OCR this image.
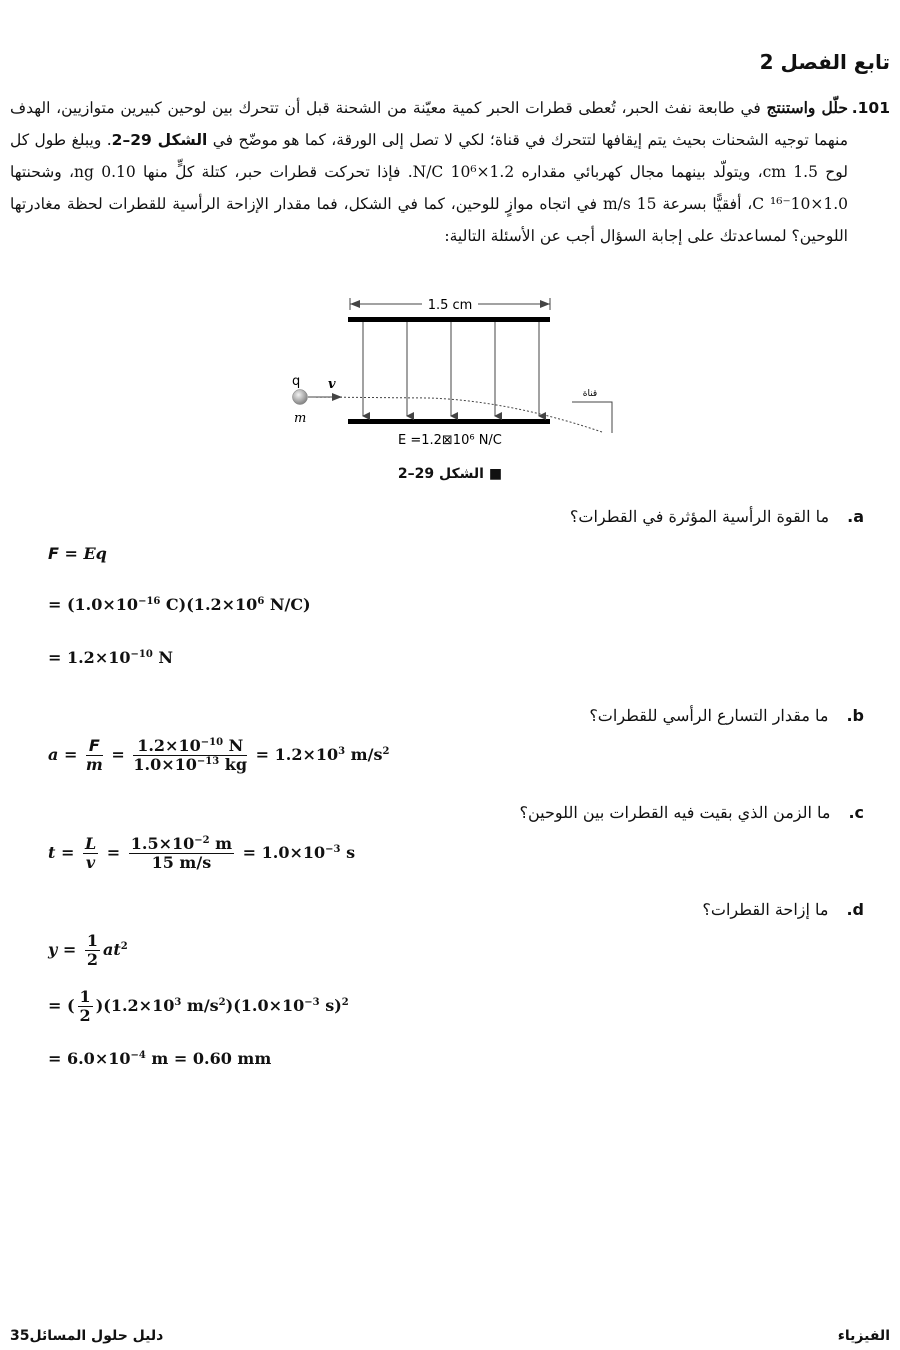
تابع الفصل 2
101.
حلّل واستنتج في طابعة نفث الحبر، تُعطى قطرات الحبر كمية معيّنة من الشحنة قبل أن تتحرك بين لوحين كبيرين متوازيين، الهدف منهما توجيه الشحنات بحيث يتم إيقافها لتتحرك في قناة؛ لكي لا تصل إلى الورقة، كما هو موضّح في الشكل 29–2. ويبلغ طول كل لوح 1.5 cm، ويتولّد بينهما مجال كهربائي مقداره 1.2×10⁶ N/C. فإذا تحركت قطرات حبر، كتلة كلٍّ منها 0.10 ng، وشحنتها 1.0×10⁻¹⁶ C، أفقيًّا بسرعة 15 m/s في اتجاه موازٍ للوحين، كما في الشكل، فما مقدار الإزاحة الرأسية للقطرات لحظة مغادرتها اللوحين؟ لمساعدتك على إجابة السؤال أجب عن الأسئلة التالية:
1.5 cm
q v
m
قناة
E =1.2⊠10⁶ N/C
■ الشكل 29–2
a.ما القوة الرأسية المؤثرة في القطرات؟
F = Eq
= ($1.0\times 10^{-16}$ $C)(1.2\times 10^6$ N/C)
= $1.2\times 10^{-10}$ N
b.ما مقدار التسارع الرأسي للقطرات؟
$a = \frac{F}{m} = \frac{1.2\times 10^{-10} N}{1.0\times 10^{-13} kg} = 1.2\times 10^3$ $m/s^2$
c.ما الزمن الذي بقيت فيه القطرات بين اللوحين؟
$t = \frac{L}{v} = \frac{1.5\times 10^{-2} m}{15 m/s} = 1.0\times 10^{-3}$ s
d.ما إزاحة القطرات؟
$y = \frac{1}{2} at^2$
= ( $\frac{1}{2} )(1.2\times 10^3$ $m/s^2)(1.0\times 10^{-3}$ s)$^2$
= $6.0\times 10^{-4}$ m = 0.60 mm
35دليل حلول المسائل	الفيزياء
